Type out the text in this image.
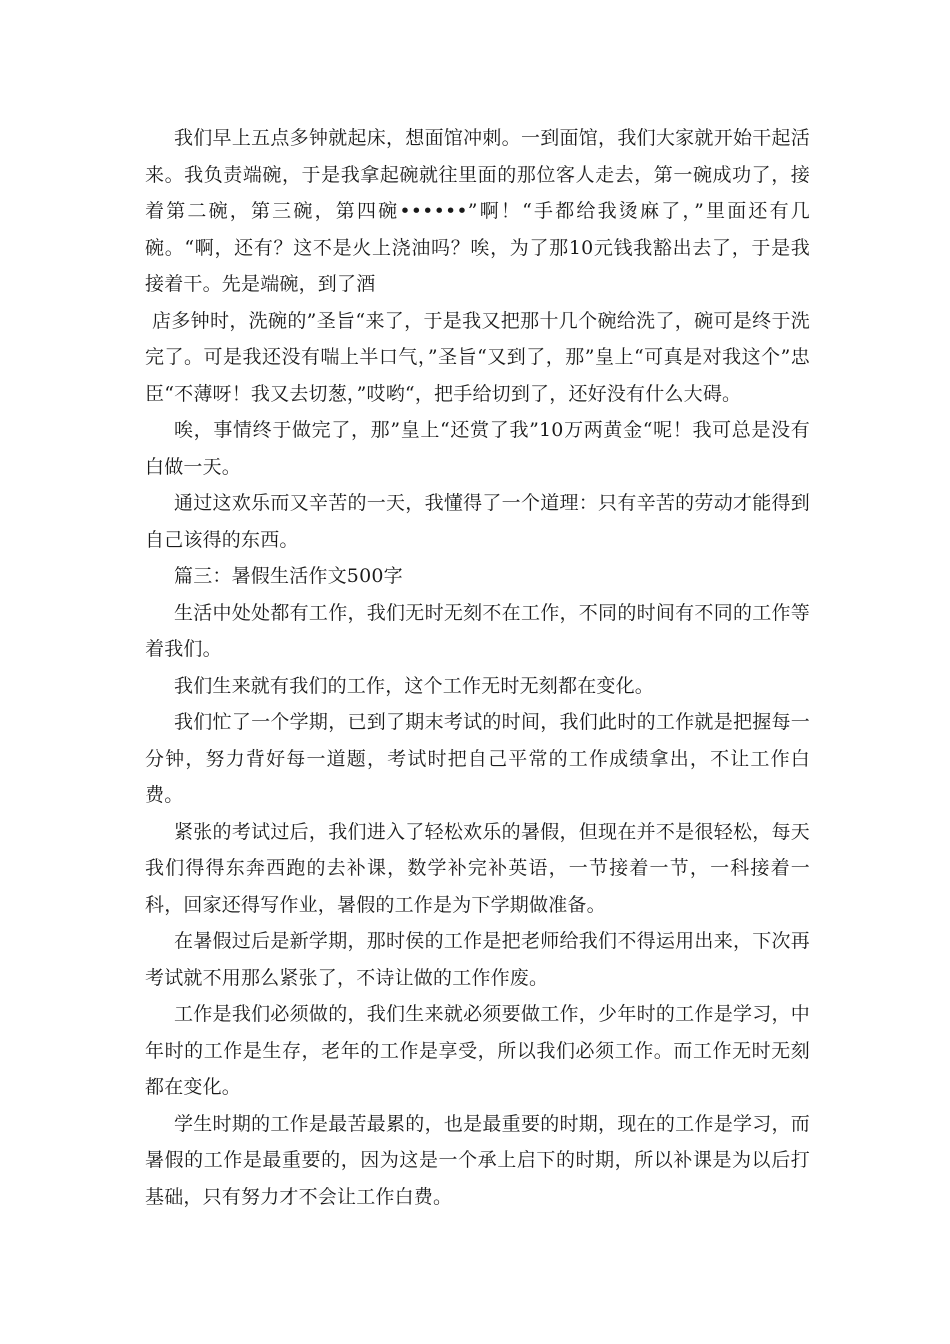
我们早上五点多钟就起床，想面馆冲刺。一到面馆，我们大家就开始干起活来。我负责端碗，于是我拿起碗就往里面的那位客人走去，第一碗成功了，接着第二碗，第三碗，第四碗••••••”啊！“手都给我烫麻了，”里面还有几碗。“啊，还有？这不是火上浇油吗？唉，为了那10元钱我豁出去了，于是我接着干。先是端碗，到了酒

店多钟时，洗碗的”圣旨“来了，于是我又把那十几个碗给洗了，碗可是终于洗完了。可是我还没有喘上半口气，”圣旨“又到了，那”皇上“可真是对我这个”忠臣“不薄呀！我又去切葱，”哎哟“，把手给切到了，还好没有什么大碍。

唉，事情终于做完了，那”皇上“还赏了我”10万两黄金“呢！我可总是没有白做一天。

通过这欢乐而又辛苦的一天，我懂得了一个道理：只有辛苦的劳动才能得到自己该得的东西。

篇三：暑假生活作文500字

生活中处处都有工作，我们无时无刻不在工作，不同的时间有不同的工作等着我们。

我们生来就有我们的工作，这个工作无时无刻都在变化。

我们忙了一个学期，已到了期末考试的时间，我们此时的工作就是把握每一分钟，努力背好每一道题，考试时把自己平常的工作成绩拿出，不让工作白费。

紧张的考试过后，我们进入了轻松欢乐的暑假，但现在并不是很轻松，每天我们得得东奔西跑的去补课，数学补完补英语，一节接着一节，一科接着一科，回家还得写作业，暑假的工作是为下学期做准备。

在暑假过后是新学期，那时侯的工作是把老师给我们不得运用出来，下次再考试就不用那么紧张了，不诗让做的工作作废。

工作是我们必须做的，我们生来就必须要做工作，少年时的工作是学习，中年时的工作是生存，老年的工作是享受，所以我们必须工作。而工作无时无刻都在变化。

学生时期的工作是最苦最累的，也是最重要的时期，现在的工作是学习，而暑假的工作是最重要的，因为这是一个承上启下的时期，所以补课是为以后打基础，只有努力才不会让工作白费。
